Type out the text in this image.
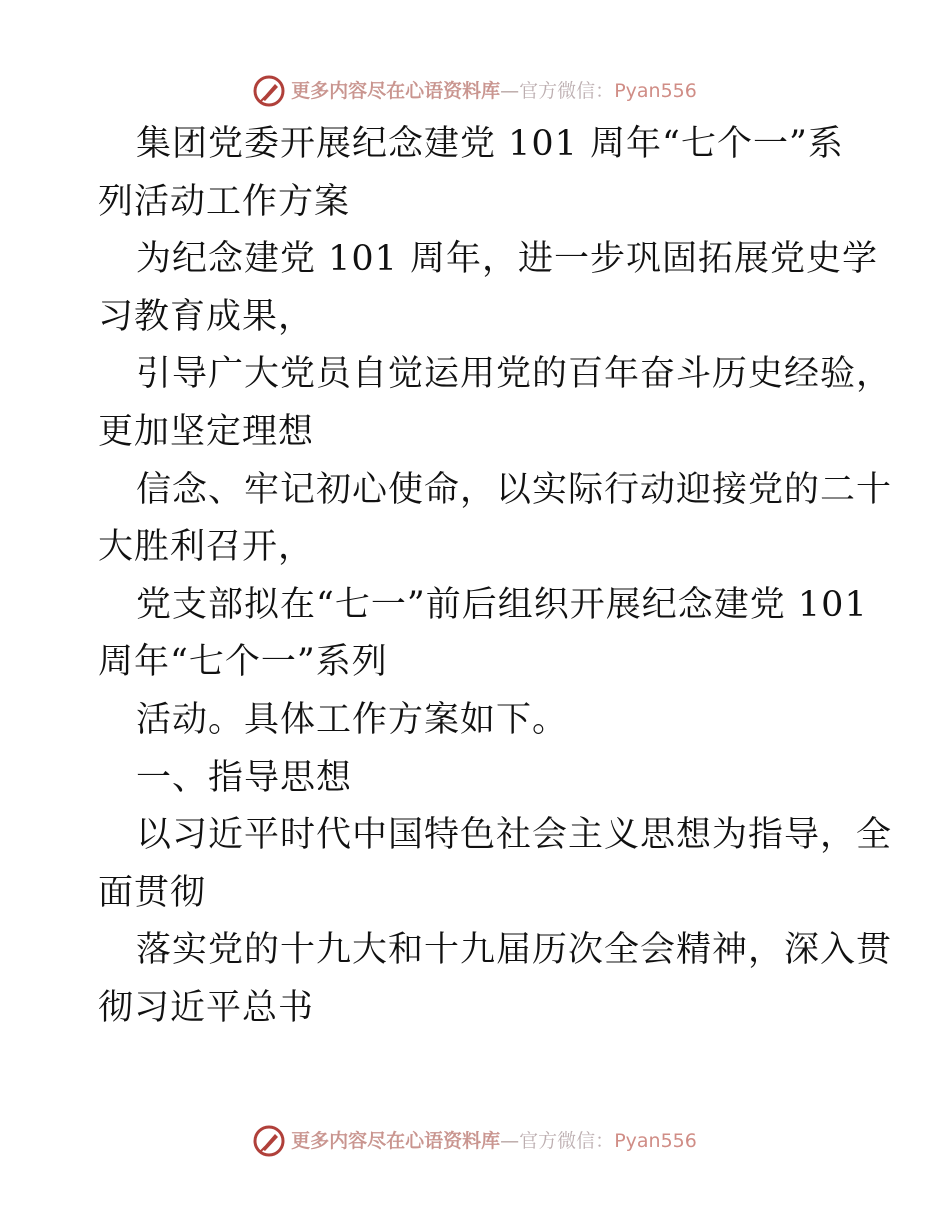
更多内容尽在心语资料库—官方微信：Pyan556
集团党委开展纪念建党 101 周年“七个一”系
列活动工作方案
为纪念建党 101 周年，进一步巩固拓展党史学
习教育成果，
引导广大党员自觉运用党的百年奋斗历史经验，
更加坚定理想
信念、牢记初心使命，以实际行动迎接党的二十
大胜利召开，
党支部拟在“七一”前后组织开展纪念建党 101
周年“七个一”系列
活动。具体工作方案如下。
一、指导思想
以习近平时代中国特色社会主义思想为指导，全
面贯彻
落实党的十九大和十九届历次全会精神，深入贯
彻习近平总书
更多内容尽在心语资料库—官方微信：Pyan556
